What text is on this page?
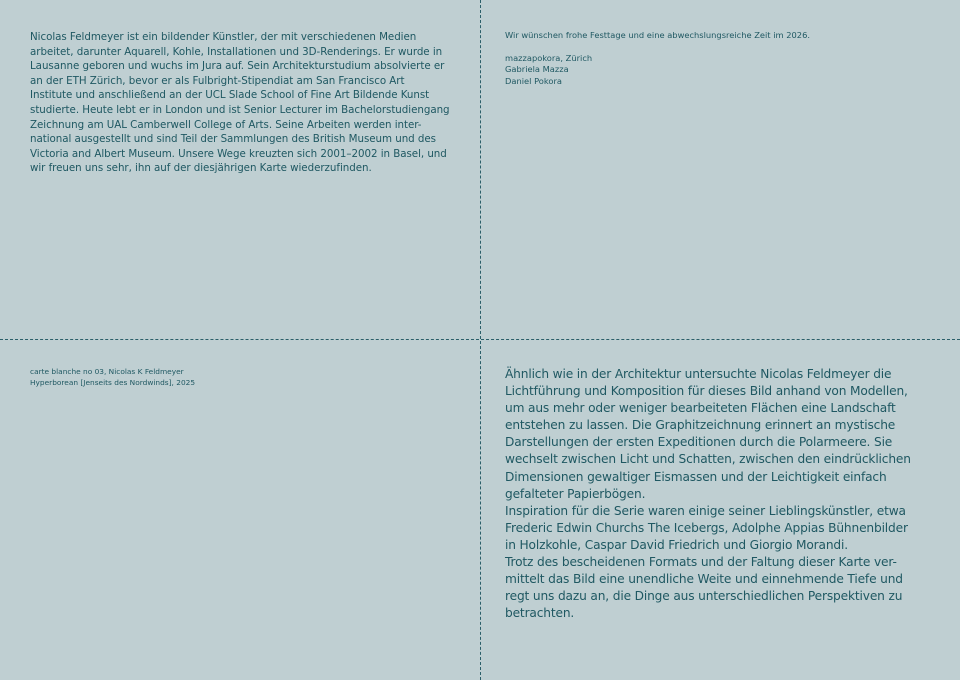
Nicolas Feldmeyer ist ein bildender Künstler, der mit verschiedenen Medien
arbeitet, darunter Aquarell, Kohle, Installationen und 3D-Renderings. Er wurde in
Lausanne geboren und wuchs im Jura auf. Sein Architekturstudium absolvierte er
an der ETH Zürich, bevor er als Fulbright-Stipendiat am San Francisco Art
Institute und anschließend an der UCL Slade School of Fine Art Bildende Kunst
studierte. Heute lebt er in London und ist Senior Lecturer im Bachelorstudiengang
Zeichnung am UAL Camberwell College of Arts. Seine Arbeiten werden inter-
national ausgestellt und sind Teil der Sammlungen des British Museum und des
Victoria and Albert Museum. Unsere Wege kreuzten sich 2001–2002 in Basel, und
wir freuen uns sehr, ihn auf der diesjährigen Karte wiederzufinden.

Wir wünschen frohe Festtage und eine abwechslungsreiche Zeit im 2026.
mazzapokora, Zürich
Gabriela Mazza
Daniel Pokora
carte blanche no 03, Nicolas K Feldmeyer
Hyperborean [Jenseits des Nordwinds], 2025

Ähnlich wie in der Architektur untersuchte Nicolas Feldmeyer die
Lichtführung und Komposition für dieses Bild anhand von Modellen,
um aus mehr oder weniger bearbeiteten Flächen eine Landschaft
entstehen zu lassen. Die Graphitzeichnung erinnert an mystische
Darstellungen der ersten Expeditionen durch die Polarmeere. Sie
wechselt zwischen Licht und Schatten, zwischen den eindrücklichen
Dimensionen gewaltiger Eismassen und der Leichtigkeit einfach
gefalteter Papierbögen.
Inspiration für die Serie waren einige seiner Lieblingskünstler, etwa
Frederic Edwin Churchs The Icebergs, Adolphe Appias Bühnenbilder
in Holzkohle, Caspar David Friedrich und Giorgio Morandi.
Trotz des bescheidenen Formats und der Faltung dieser Karte ver-
mittelt das Bild eine unendliche Weite und einnehmende Tiefe und
regt uns dazu an, die Dinge aus unterschiedlichen Perspektiven zu
betrachten.
